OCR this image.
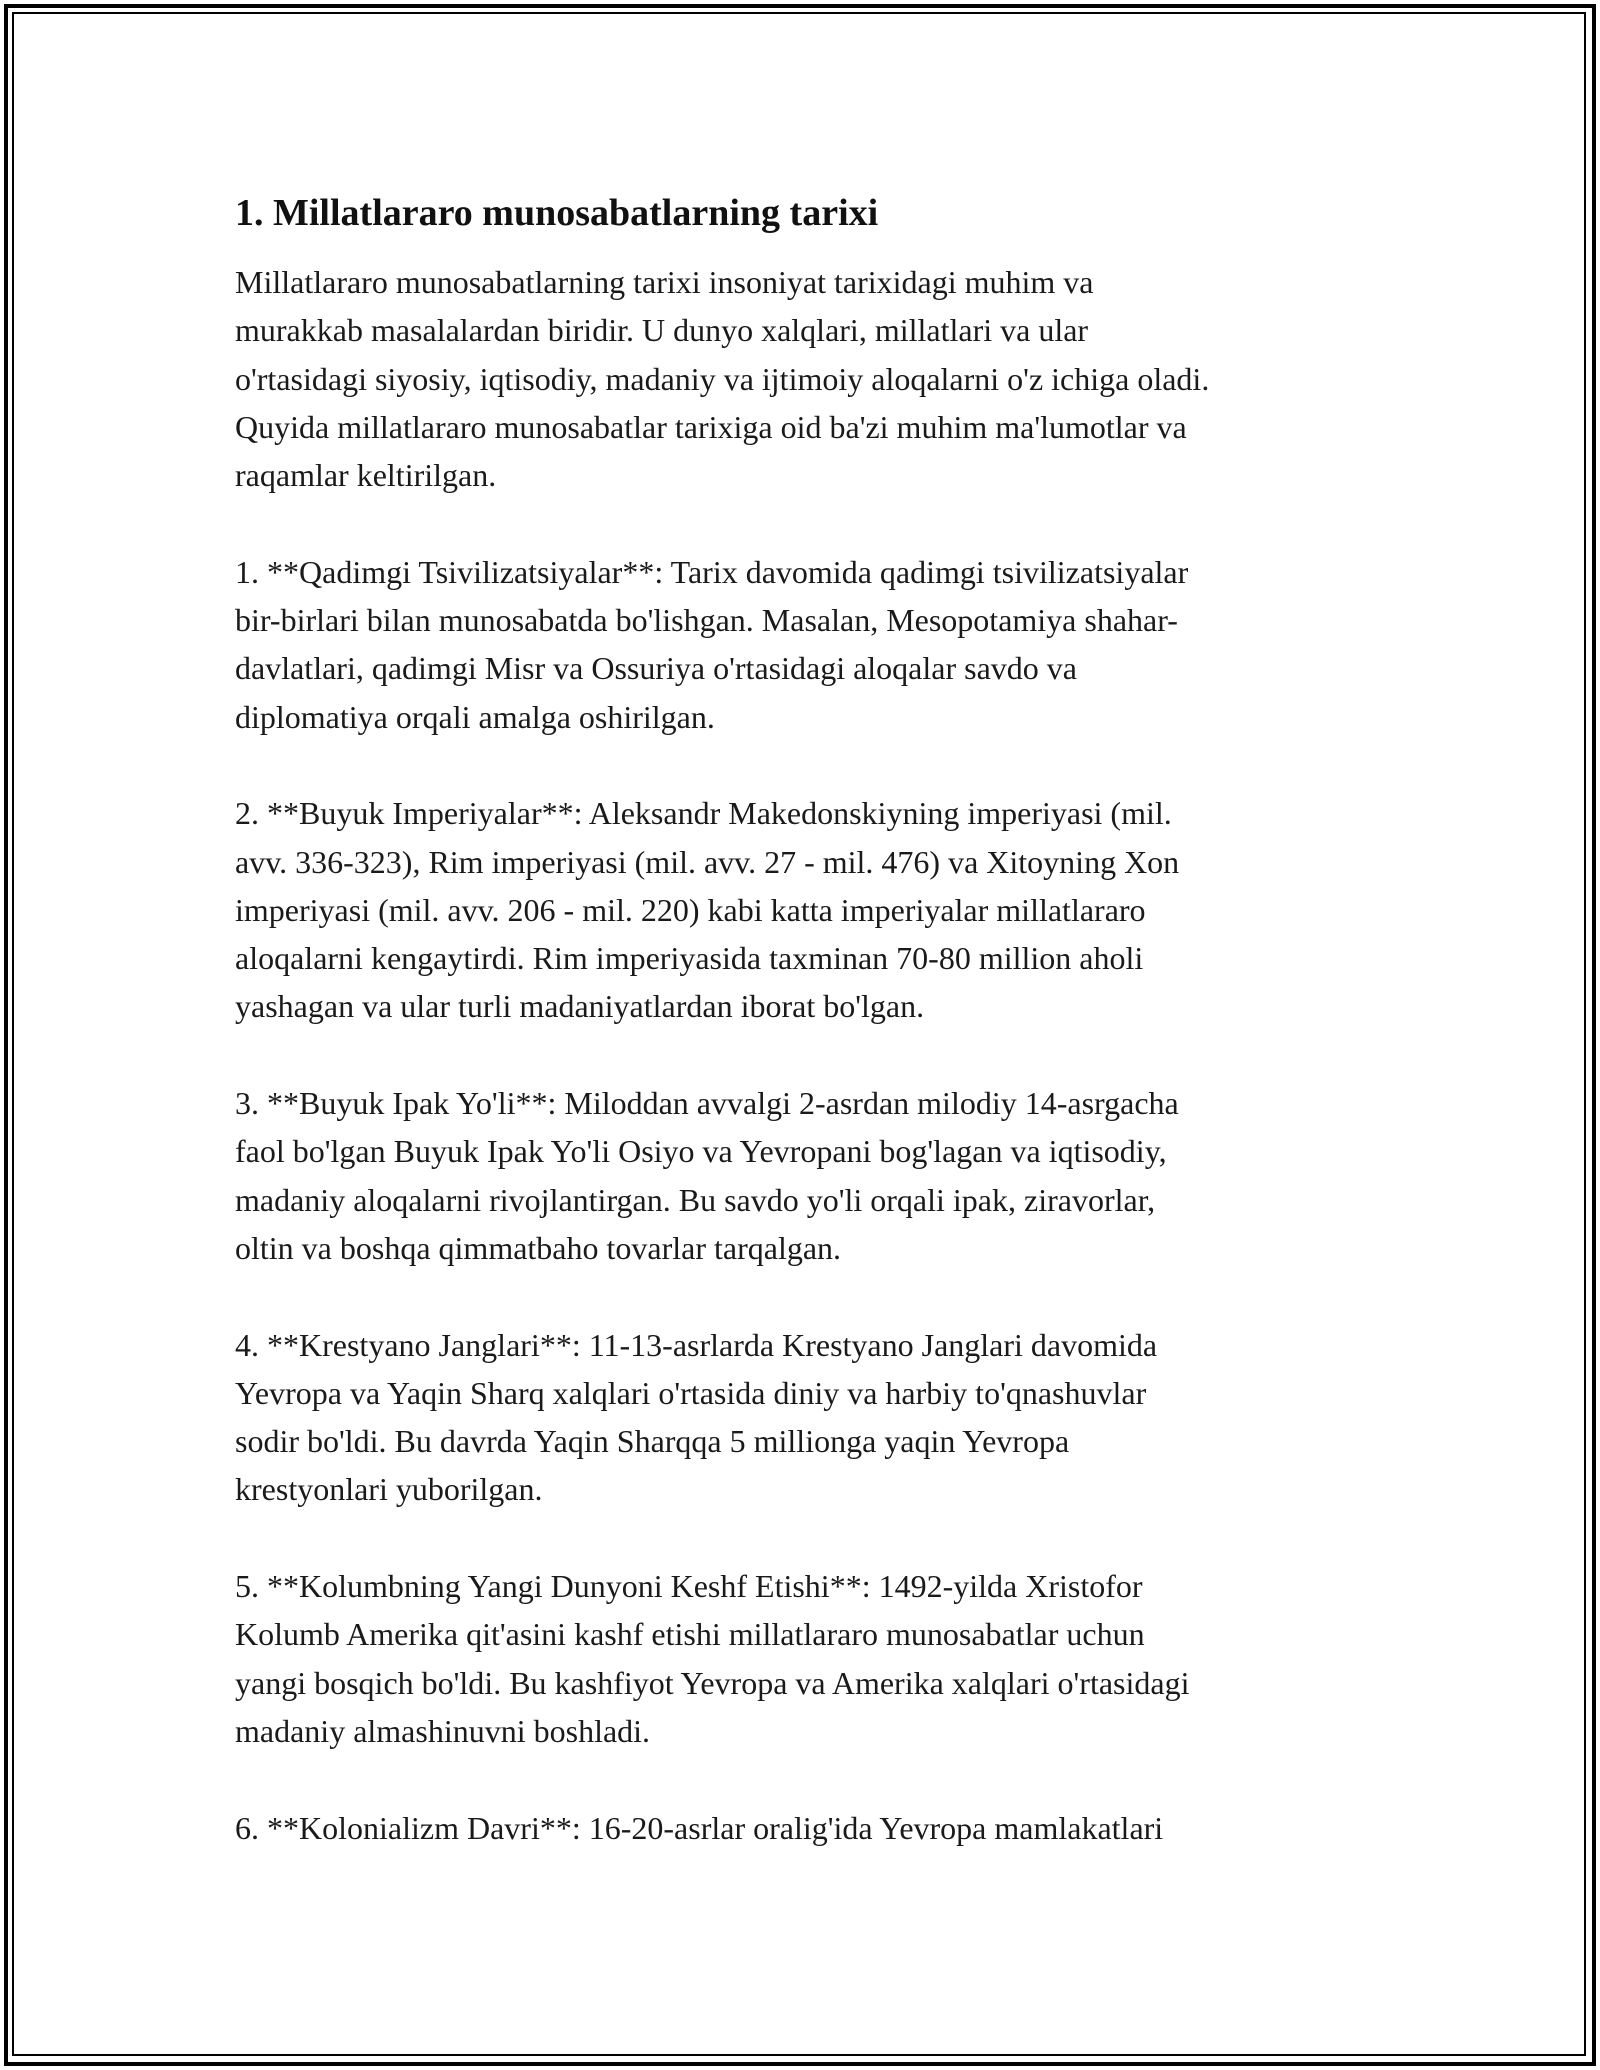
1. Millatlararo munosabatlarning tarixi

Millatlararo munosabatlarning tarixi insoniyat tarixidagi muhim va
murakkab masalalardan biridir. U dunyo xalqlari, millatlari va ular
o'rtasidagi siyosiy, iqtisodiy, madaniy va ijtimoiy aloqalarni o'z ichiga oladi.
Quyida millatlararo munosabatlar tarixiga oid ba'zi muhim ma'lumotlar va
raqamlar keltirilgan.

1. **Qadimgi Tsivilizatsiyalar**: Tarix davomida qadimgi tsivilizatsiyalar
bir-birlari bilan munosabatda bo'lishgan. Masalan, Mesopotamiya shahar-
davlatlari, qadimgi Misr va Ossuriya o'rtasidagi aloqalar savdo va
diplomatiya orqali amalga oshirilgan.

2. **Buyuk Imperiyalar**: Aleksandr Makedonskiyning imperiyasi (mil.
avv. 336-323), Rim imperiyasi (mil. avv. 27 - mil. 476) va Xitoyning Xon
imperiyasi (mil. avv. 206 - mil. 220) kabi katta imperiyalar millatlararo
aloqalarni kengaytirdi. Rim imperiyasida taxminan 70-80 million aholi
yashagan va ular turli madaniyatlardan iborat bo'lgan.

3. **Buyuk Ipak Yo'li**: Miloddan avvalgi 2-asrdan milodiy 14-asrgacha
faol bo'lgan Buyuk Ipak Yo'li Osiyo va Yevropani bog'lagan va iqtisodiy,
madaniy aloqalarni rivojlantirgan. Bu savdo yo'li orqali ipak, ziravorlar,
oltin va boshqa qimmatbaho tovarlar tarqalgan.

4. **Krestyano Janglari**: 11-13-asrlarda Krestyano Janglari davomida
Yevropa va Yaqin Sharq xalqlari o'rtasida diniy va harbiy to'qnashuvlar
sodir bo'ldi. Bu davrda Yaqin Sharqqa 5 millionga yaqin Yevropa
krestyonlari yuborilgan.

5. **Kolumbning Yangi Dunyoni Keshf Etishi**: 1492-yilda Xristofor
Kolumb Amerika qit'asini kashf etishi millatlararo munosabatlar uchun
yangi bosqich bo'ldi. Bu kashfiyot Yevropa va Amerika xalqlari o'rtasidagi
madaniy almashinuvni boshladi.

6. **Kolonializm Davri**: 16-20-asrlar oralig'ida Yevropa mamlakatlari
